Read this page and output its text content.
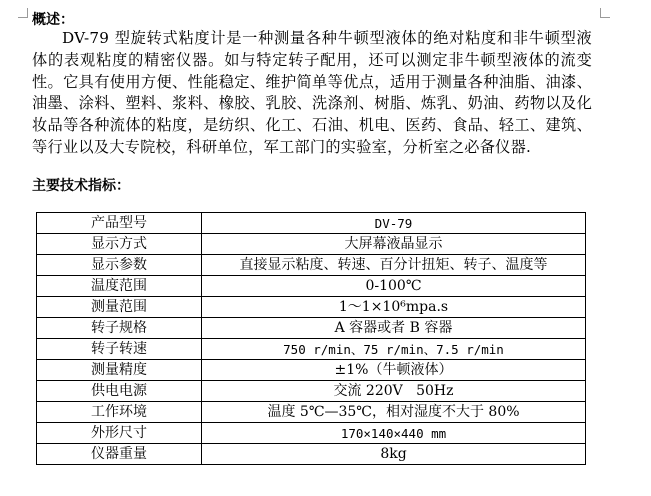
概述：

DV-79 型旋转式粘度计是一种测量各种牛顿型液体的绝对粘度和非牛顿型液体的表观粘度的精密仪器。如与特定转子配用，还可以测定非牛顿型液体的流变性。它具有使用方便、性能稳定、维护简单等优点，适用于测量各种油脂、油漆、油墨、涂料、塑料、浆料、橡胶、乳胶、洗涤剂、树脂、炼乳、奶油、药物以及化妆品等各种流体的粘度，是纺织、化工、石油、机电、医药、食品、轻工、建筑、等行业以及大专院校，科研单位，军工部门的实验室，分析室之必备仪器.

主要技术指标：
产品型号	DV-79
显示方式	大屏幕液晶显示
显示参数	直接显示粘度、转速、百分计扭矩、转子、温度等
温度范围	0-100℃
测量范围	1～1×10⁶mpa.s
转子规格	A 容器或者 B 容器
转子转速	750 r/min、75 r/min、7.5 r/min
测量精度	±1%（牛顿液体）
供电电源	交流 220V   50Hz
工作环境	温度 5℃—35℃，相对湿度不大于 80%
外形尺寸	170×140×440 mm
仪器重量	8kg
